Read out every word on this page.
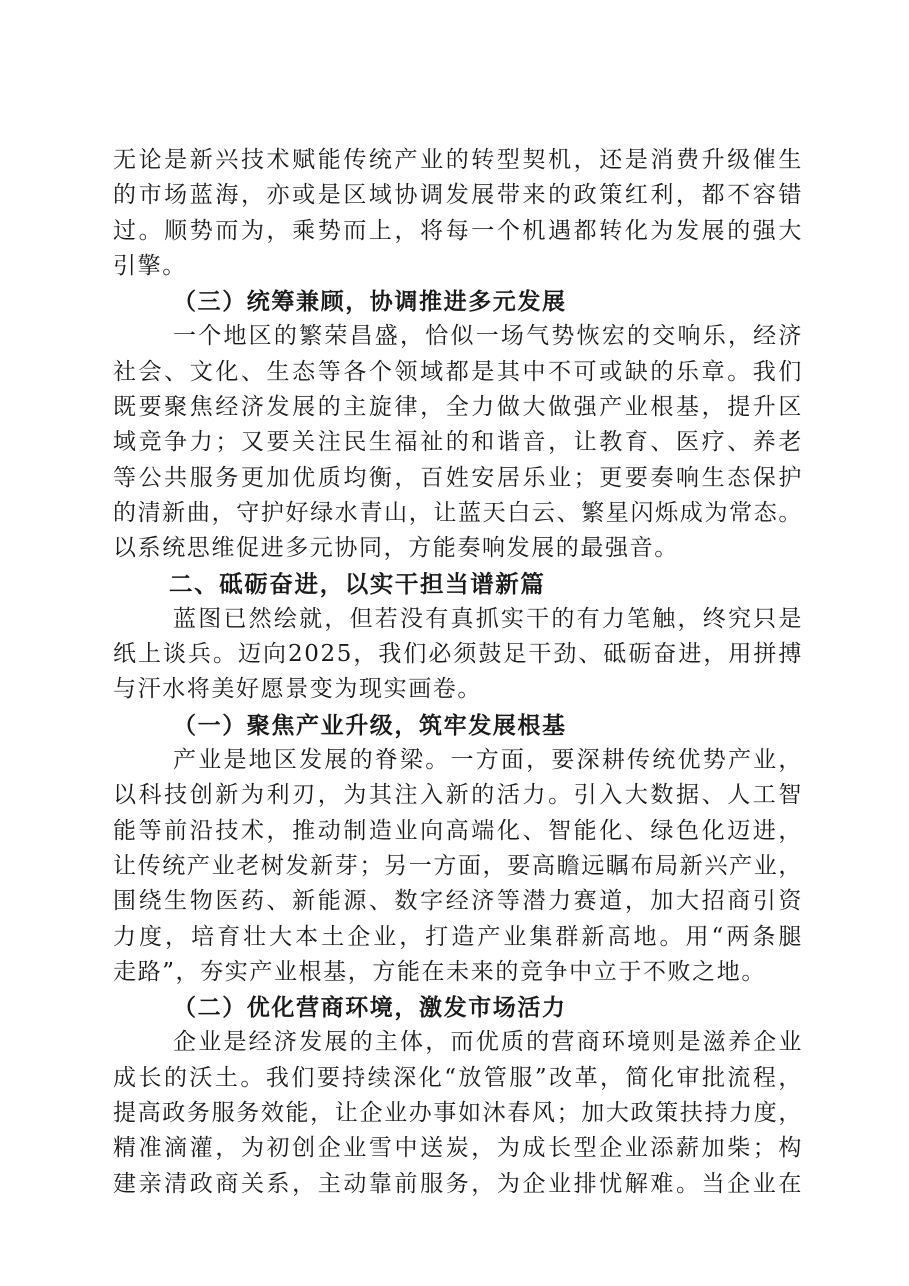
无论是新兴技术赋能传统产业的转型契机，还是消费升级催生
的市场蓝海，亦或是区域协调发展带来的政策红利，都不容错
过。顺势而为，乘势而上，将每一个机遇都转化为发展的强大
引擎。
（三）统筹兼顾，协调推进多元发展
一个地区的繁荣昌盛，恰似一场气势恢宏的交响乐，经济
社会、文化、生态等各个领域都是其中不可或缺的乐章。我们
既要聚焦经济发展的主旋律，全力做大做强产业根基，提升区
域竞争力；又要关注民生福祉的和谐音，让教育、医疗、养老
等公共服务更加优质均衡，百姓安居乐业；更要奏响生态保护
的清新曲，守护好绿水青山，让蓝天白云、繁星闪烁成为常态。
以系统思维促进多元协同，方能奏响发展的最强音。
二、砥砺奋进，以实干担当谱新篇
蓝图已然绘就，但若没有真抓实干的有力笔触，终究只是
纸上谈兵。迈向2025，我们必须鼓足干劲、砥砺奋进，用拼搏
与汗水将美好愿景变为现实画卷。
（一）聚焦产业升级，筑牢发展根基
产业是地区发展的脊梁。一方面，要深耕传统优势产业，
以科技创新为利刃，为其注入新的活力。引入大数据、人工智
能等前沿技术，推动制造业向高端化、智能化、绿色化迈进，
让传统产业老树发新芽；另一方面，要高瞻远瞩布局新兴产业，
围绕生物医药、新能源、数字经济等潜力赛道，加大招商引资
力度，培育壮大本土企业，打造产业集群新高地。用“两条腿
走路”，夯实产业根基，方能在未来的竞争中立于不败之地。
（二）优化营商环境，激发市场活力
企业是经济发展的主体，而优质的营商环境则是滋养企业
成长的沃土。我们要持续深化“放管服”改革，简化审批流程，
提高政务服务效能，让企业办事如沐春风；加大政策扶持力度，
精准滴灌，为初创企业雪中送炭，为成长型企业添薪加柴；构
建亲清政商关系，主动靠前服务，为企业排忧解难。当企业在
